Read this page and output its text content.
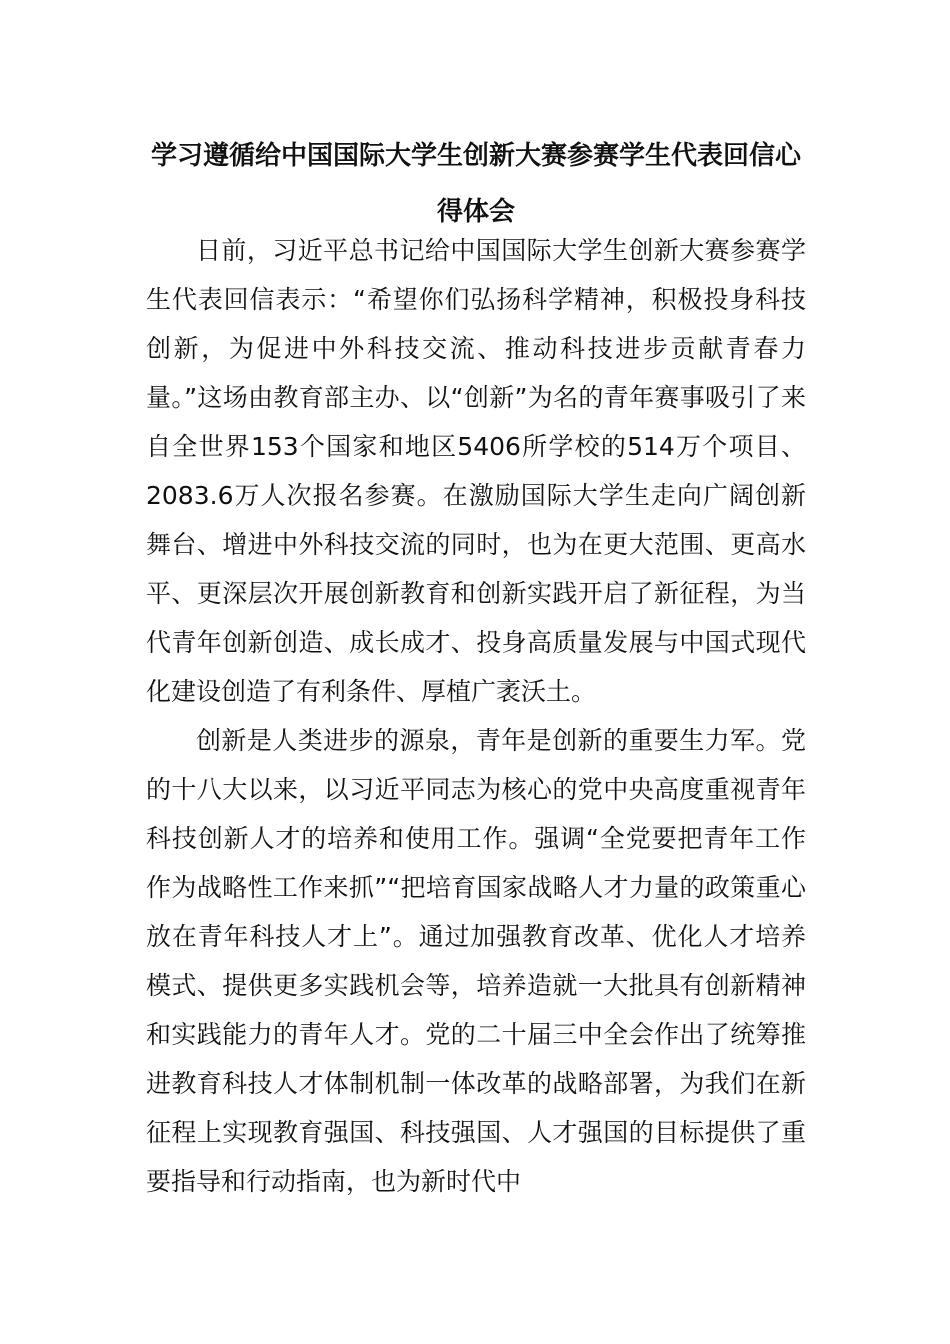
学习遵循给中国国际大学生创新大赛参赛学生代表回信心得体会

日前，习近平总书记给中国国际大学生创新大赛参赛学生代表回信表示：“希望你们弘扬科学精神，积极投身科技创新，为促进中外科技交流、推动科技进步贡献青春力量。”这场由教育部主办、以“创新”为名的青年赛事吸引了来自全世界153个国家和地区5406所学校的514万个项目、2083.6万人次报名参赛。在激励国际大学生走向广阔创新舞台、增进中外科技交流的同时，也为在更大范围、更高水平、更深层次开展创新教育和创新实践开启了新征程，为当代青年创新创造、成长成才、投身高质量发展与中国式现代化建设创造了有利条件、厚植广袤沃土。

创新是人类进步的源泉，青年是创新的重要生力军。党的十八大以来，以习近平同志为核心的党中央高度重视青年科技创新人才的培养和使用工作。强调“全党要把青年工作作为战略性工作来抓”“把培育国家战略人才力量的政策重心放在青年科技人才上”。通过加强教育改革、优化人才培养模式、提供更多实践机会等，培养造就一大批具有创新精神和实践能力的青年人才。党的二十届三中全会作出了统筹推进教育科技人才体制机制一体改革的战略部署，为我们在新征程上实现教育强国、科技强国、人才强国的目标提供了重要指导和行动指南，也为新时代中
